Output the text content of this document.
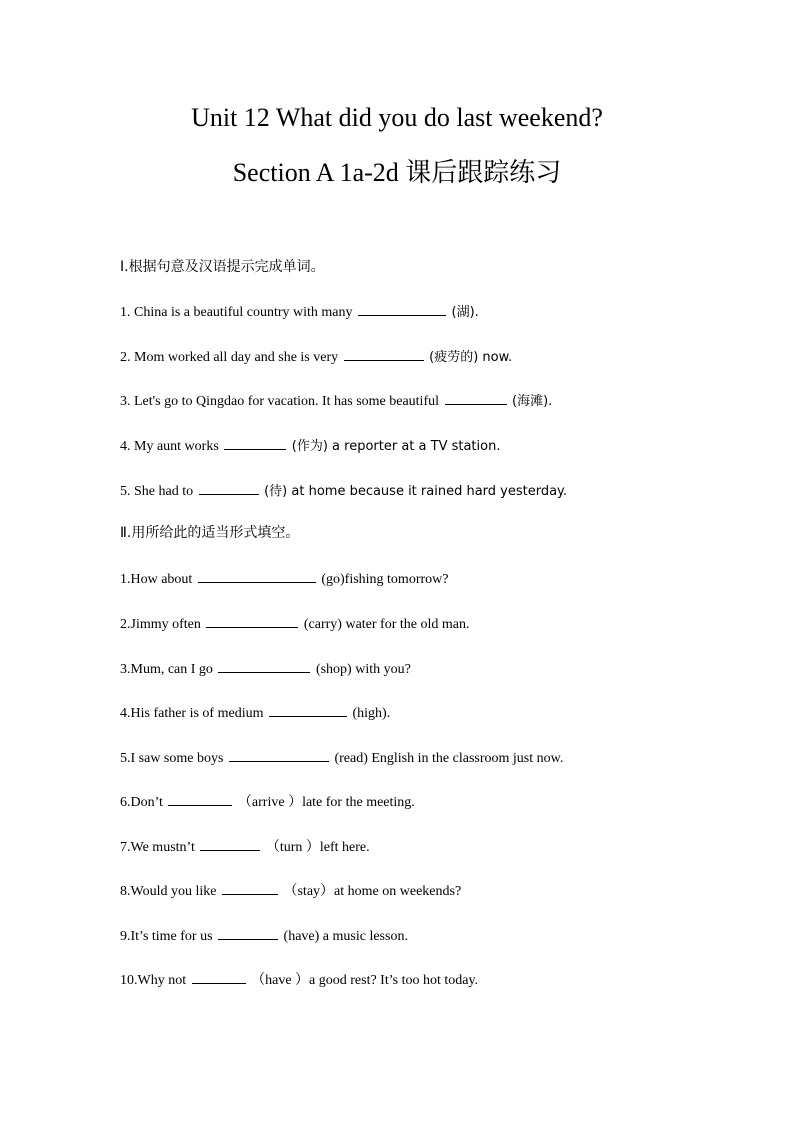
Unit 12 What did you do last weekend?
Section A 1a-2d 课后跟踪练习
Ⅰ.根据句意及汉语提示完成单词。
1. China is a beautiful country with many	(湖).
2. Mom worked all day and she is very	(疲劳的) now.
3. Let's go to Qingdao for vacation. It has some beautiful	(海滩).
4. My aunt works	(作为) a reporter at a TV station.
5. She had to	(待) at home because it rained hard yesterday.
Ⅱ.用所给此的适当形式填空。
1.How about	(go)fishing tomorrow?
2.Jimmy often	(carry) water for the old man.
3.Mum, can I go	(shop) with you?
4.His father is of medium	(high).
5.I saw some boys	(read) English in the classroom just now.
6.Don’t	（arrive ）late for the meeting.
7.We mustn’t	（turn ）left here.
8.Would you like	（stay）at home on weekends?
9.It’s time for us	(have) a music lesson.
10.Why not	（have ）a good rest? It’s too hot today.
